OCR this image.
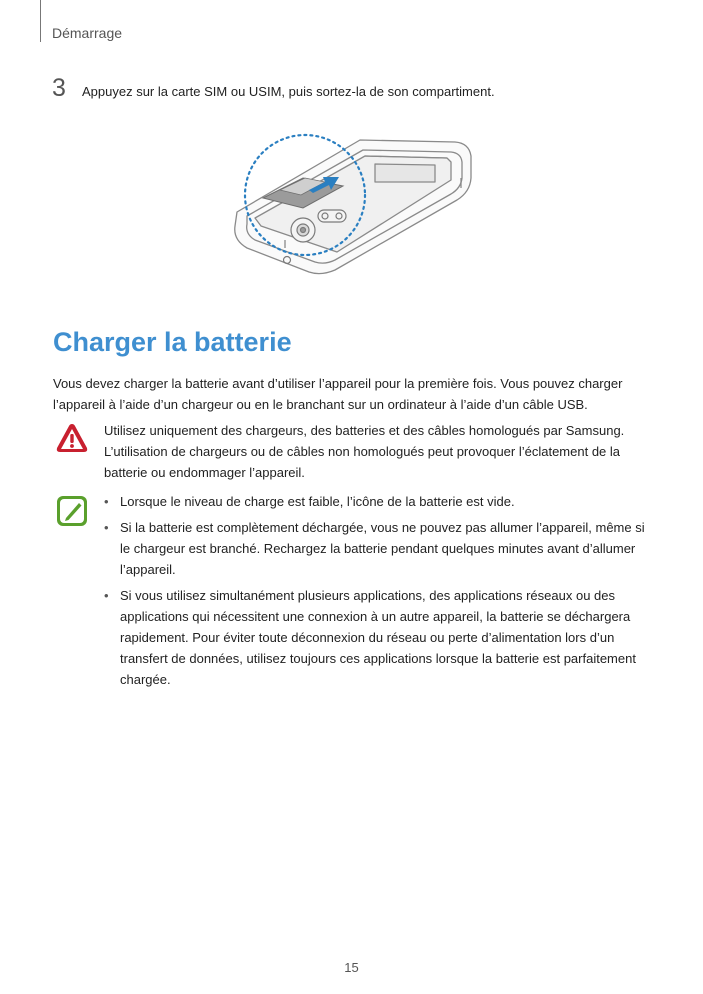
Démarrage
3	Appuyez sur la carte SIM ou USIM, puis sortez-la de son compartiment.
Charger la batterie

Vous devez charger la batterie avant d’utiliser l’appareil pour la première fois. Vous pouvez charger l’appareil à l’aide d’un chargeur ou en le branchant sur un ordinateur à l’aide d’un câble USB.

Utilisez uniquement des chargeurs, des batteries et des câbles homologués par Samsung. L’utilisation de chargeurs ou de câbles non homologués peut provoquer l’éclatement de la batterie ou endommager l’appareil.

• Lorsque le niveau de charge est faible, l’icône de la batterie est vide.
• Si la batterie est complètement déchargée, vous ne pouvez pas allumer l’appareil, même si le chargeur est branché. Rechargez la batterie pendant quelques minutes avant d’allumer l’appareil.
• Si vous utilisez simultanément plusieurs applications, des applications réseaux ou des applications qui nécessitent une connexion à un autre appareil, la batterie se déchargera rapidement. Pour éviter toute déconnexion du réseau ou perte d’alimentation lors d’un transfert de données, utilisez toujours ces applications lorsque la batterie est parfaitement chargée.
15
